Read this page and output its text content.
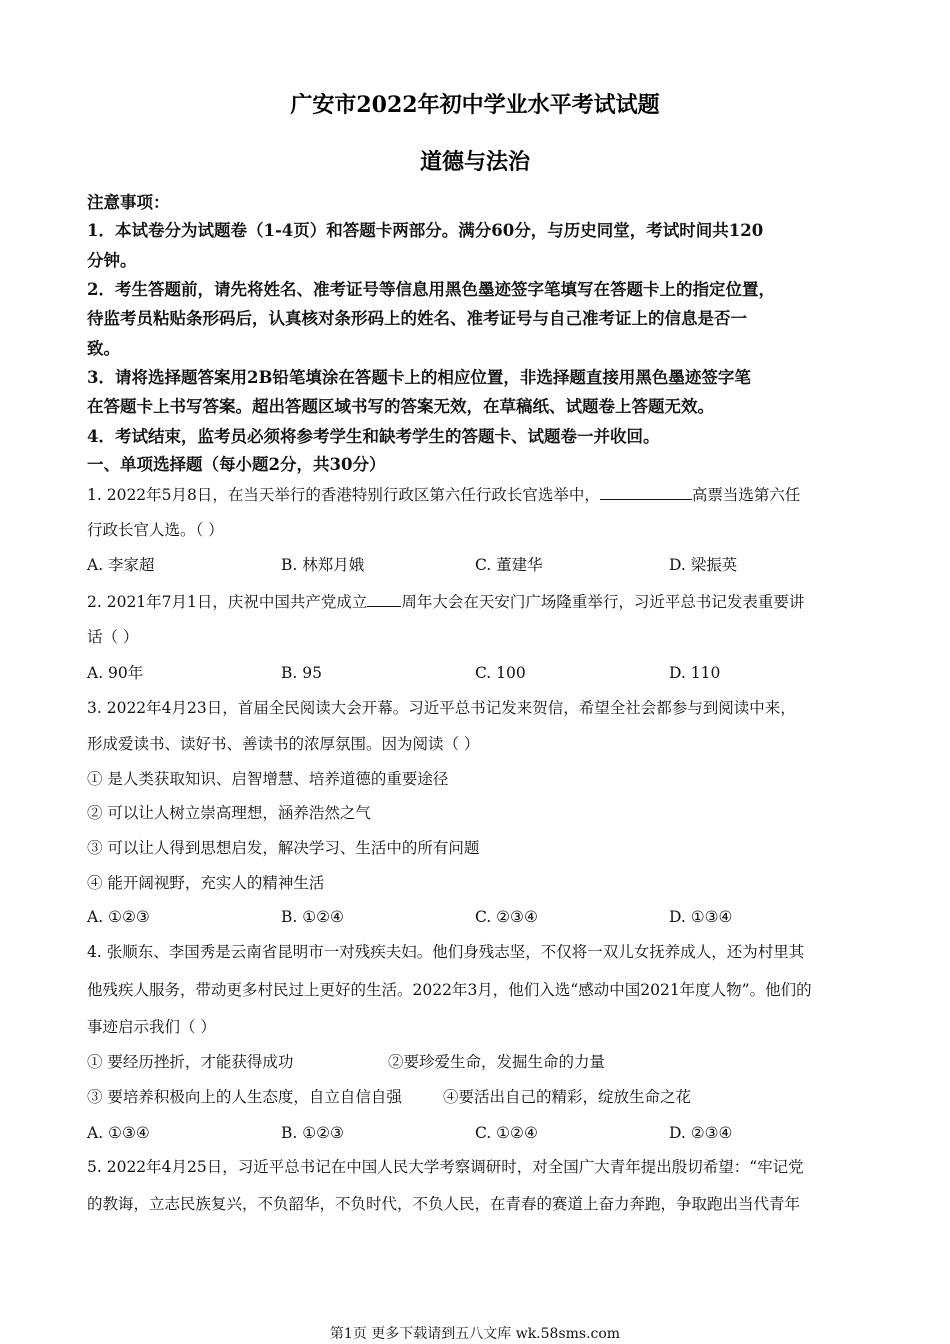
广安市2022年初中学业水平考试试题
道德与法治
注意事项：
1．本试卷分为试题卷（1-4页）和答题卡两部分。满分60分，与历史同堂，考试时间共120
分钟。
2．考生答题前，请先将姓名、准考证号等信息用黑色墨迹签字笔填写在答题卡上的指定位置，
待监考员粘贴条形码后，认真核对条形码上的姓名、准考证号与自己准考证上的信息是否一
致。
3．请将选择题答案用2B铅笔填涂在答题卡上的相应位置，非选择题直接用黑色墨迹签字笔
在答题卡上书写答案。超出答题区域书写的答案无效，在草稿纸、试题卷上答题无效。
4．考试结束，监考员必须将参考学生和缺考学生的答题卡、试题卷一并收回。
一、单项选择题（每小题2分，共30分）
1. 2022年5月8日，在当天举行的香港特别行政区第六任行政长官选举中，	高票当选第六任
行政长官人选。（ ）
A. 李家超	B. 林郑月娥	C. 董建华	D. 梁振英
2. 2021年7月1日，庆祝中国共产党成立 周年大会在天安门广场隆重举行，习近平总书记发表重要讲
话（ ）
A. 90年	B. 95	C. 100	D. 110
3. 2022年4月23日，首届全民阅读大会开幕。习近平总书记发来贺信，希望全社会都参与到阅读中来，
形成爱读书、读好书、善读书的浓厚氛围。因为阅读（ ）
① 是人类获取知识、启智增慧、培养道德的重要途径
② 可以让人树立崇高理想，涵养浩然之气
③ 可以让人得到思想启发，解决学习、生活中的所有问题
④ 能开阔视野，充实人的精神生活
A. ①②③	B. ①②④	C. ②③④	D. ①③④
4. 张顺东、李国秀是云南省昆明市一对残疾夫妇。他们身残志坚，不仅将一双儿女抚养成人，还为村里其
他残疾人服务，带动更多村民过上更好的生活。2022年3月，他们入选“感动中国2021年度人物”。他们的
事迹启示我们（ ）
① 要经历挫折，才能获得成功	②要珍爱生命，发掘生命的力量
③ 要培养积极向上的人生态度，自立自信自强	④要活出自己的精彩，绽放生命之花
A. ①③④	B. ①②③	C. ①②④	D. ②③④
5. 2022年4月25日，习近平总书记在中国人民大学考察调研时，对全国广大青年提出殷切希望：“牢记党
的教诲，立志民族复兴，不负韶华，不负时代，不负人民，在青春的赛道上奋力奔跑，争取跑出当代青年
第1页 更多下载请到五八文库 wk.58sms.com
